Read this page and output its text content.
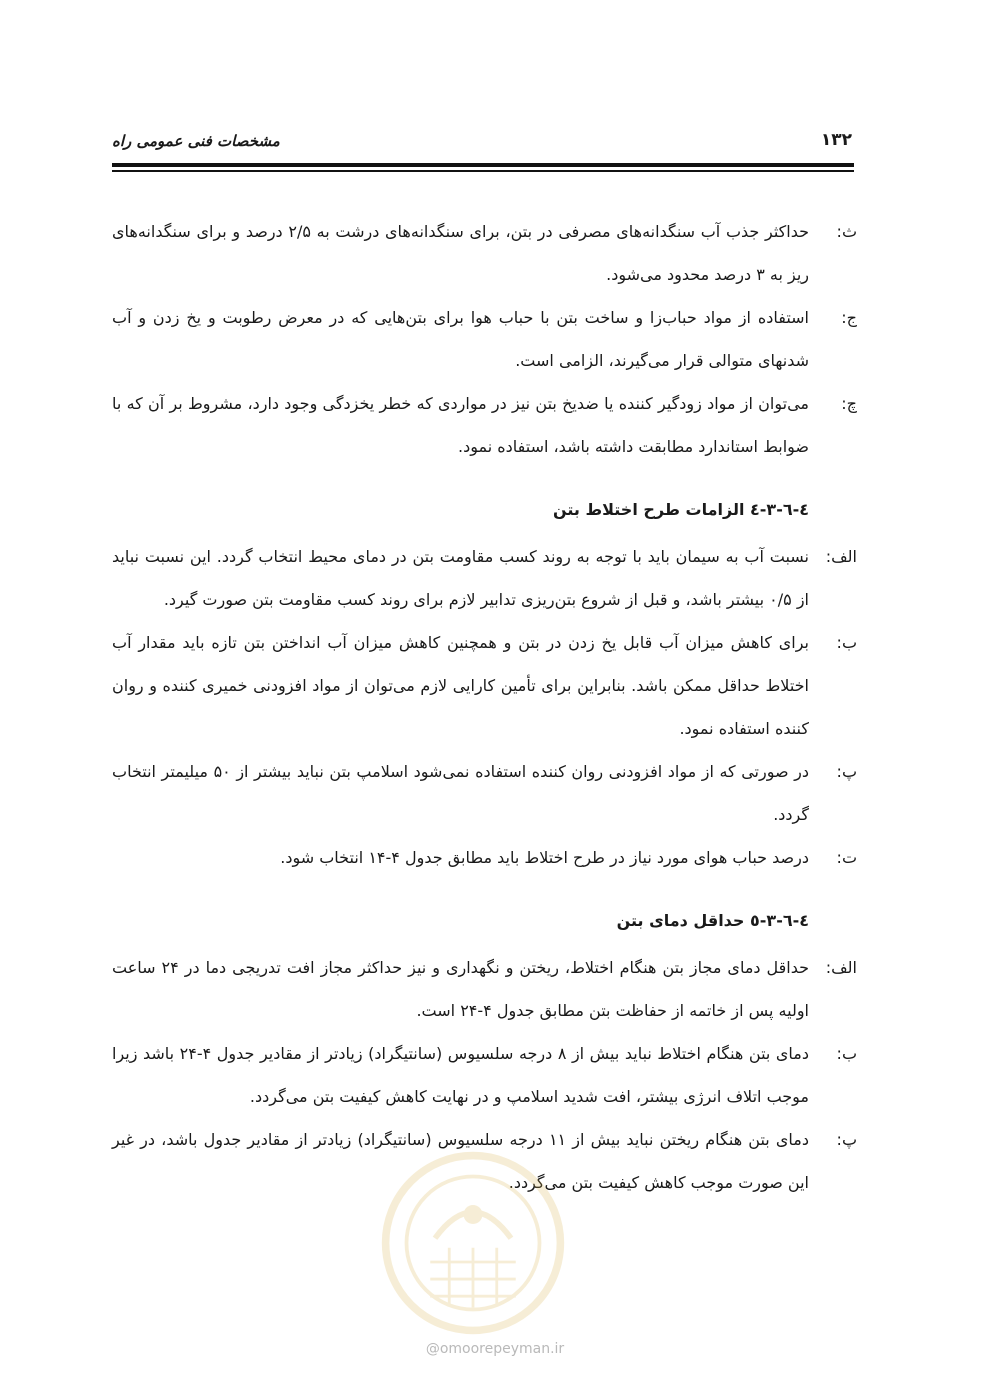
۱۳۲
مشخصات فنی عمومی راه
ث:
حداکثر جذب آب سنگدانه‌های مصرفی در بتن، برای سنگدانه‌های درشت به ۲/۵ درصد و برای سنگدانه‌های ریز به ۳ درصد محدود می‌شود.
ج:
استفاده از مواد حباب‌زا و ساخت بتن با حباب هوا برای بتن‌هایی که در معرض رطوبت و یخ زدن و آب شدنهای متوالی قرار می‌گیرند، الزامی است.
چ:
می‌توان از مواد زودگیر کننده یا ضدیخ بتن نیز در مواردی که خطر یخزدگی وجود دارد، مشروط بر آن که با ضوابط استاندارد مطابقت داشته باشد، استفاده نمود.
٤-٦-٣-٤ الزامات طرح اختلاط بتن
الف:
نسبت آب به سیمان باید با توجه به روند کسب مقاومت بتن در دمای محیط انتخاب گردد. این نسبت نباید از ۰/۵ بیشتر باشد، و قبل از شروع بتن‌ریزی تدابیر لازم برای روند کسب مقاومت بتن صورت گیرد.
ب:
برای کاهش میزان آب قابل یخ زدن در بتن و همچنین کاهش میزان آب انداختن بتن تازه باید مقدار آب اختلاط حداقل ممکن باشد. بنابراین برای تأمین کارایی لازم می‌توان از مواد افزودنی خمیری کننده و روان کننده استفاده نمود.
پ:
در صورتی که از مواد افزودنی روان کننده استفاده نمی‌شود اسلامپ بتن نباید بیشتر از ۵۰ میلیمتر انتخاب گردد.
ت:
درصد حباب هوای مورد نیاز در طرح اختلاط باید مطابق جدول ۴-۱۴ انتخاب شود.
٤-٦-٣-٥ حداقل دمای بتن
الف:
حداقل دمای مجاز بتن هنگام اختلاط، ریختن و نگهداری و نیز حداکثر مجاز افت تدریجی دما در ۲۴ ساعت اولیه پس از خاتمه از حفاظت بتن مطابق جدول ۴-۲۴ است.
ب:
دمای بتن هنگام اختلاط نباید بیش از ۸ درجه سلسیوس (سانتیگراد) زیادتر از مقادیر جدول ۴-۲۴ باشد زیرا موجب اتلاف انرژی بیشتر، افت شدید اسلامپ و در نهایت کاهش کیفیت بتن می‌گردد.
پ:
دمای بتن هنگام ریختن نباید بیش از ۱۱ درجه سلسیوس (سانتیگراد) زیادتر از مقادیر جدول باشد، در غیر این صورت موجب کاهش کیفیت بتن می‌گردد.
@omoorepeyman.ir
